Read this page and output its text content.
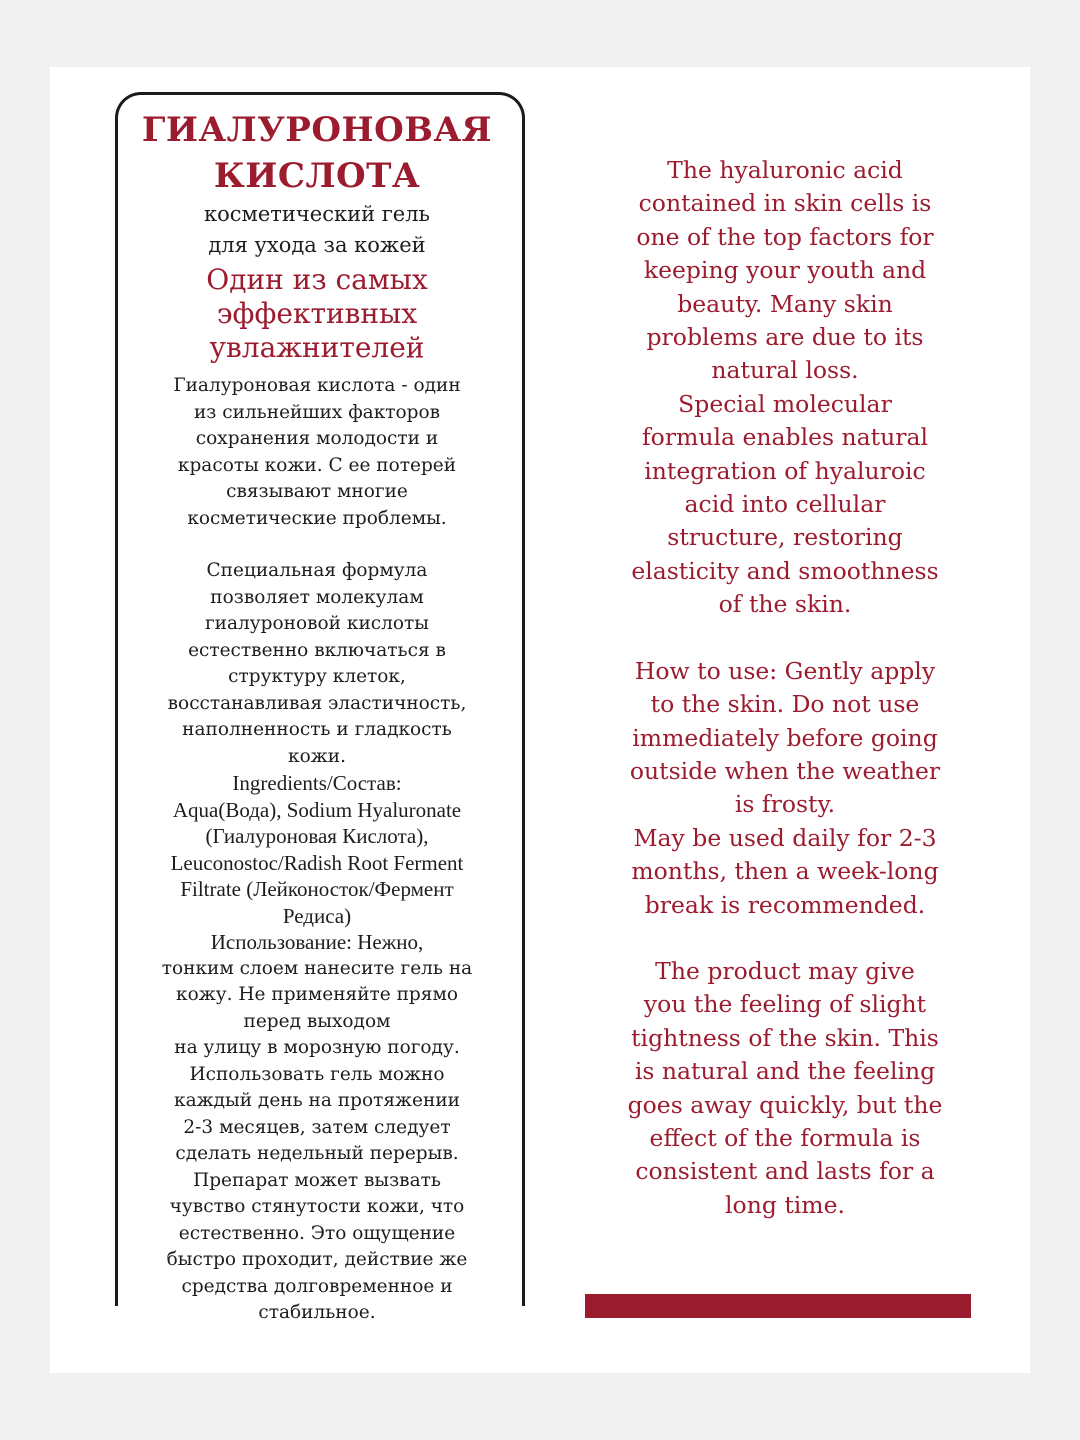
ГИАЛУРОНОВАЯ
КИСЛОТА

косметический гель
для ухода за кожей

Один из самых
эффективных
увлажнителей

Гиалуроновая кислота - один
из сильнейших факторов
сохранения молодости и
красоты кожи. С ее потерей
связывают многие
косметические проблемы.

Специальная формула
позволяет молекулам
гиалуроновой кислоты
естественно включаться в
структуру клеток,
восстанавливая эластичность,
наполненность и гладкость
кожи.

Ingredients/Состав:
Aqua(Вода), Sodium Hyaluronate
(Гиалуроновая Кислота),
Leuconostoc/Radish Root Ferment
Filtrate (Лейконосток/Фермент
Редиса)
Использование: Нежно,

тонким слоем нанесите гель на
кожу. Не применяйте прямо
перед выходом
на улицу в морозную погоду.
Использовать гель можно
каждый день на протяжении
2-3 месяцев, затем следует
сделать недельный перерыв.
Препарат может вызвать
чувство стянутости кожи, что
естественно. Это ощущение
быстро проходит, действие же
средства долговременное и
стабильное.

The hyaluronic acid
contained in skin cells is
one of the top factors for
keeping your youth and
beauty. Many skin
problems are due to its
natural loss.
Special molecular
formula enables natural
integration of hyaluroic
acid into cellular
structure, restoring
elasticity and smoothness
of the skin.

How to use: Gently apply
to the skin. Do not use
immediately before going
outside when the weather
is frosty.
May be used daily for 2-3
months, then a week-long
break is recommended.

The product may give
you the feeling of slight
tightness of the skin. This
is natural and the feeling
goes away quickly, but the
effect of the formula is
consistent and lasts for a
long time.
